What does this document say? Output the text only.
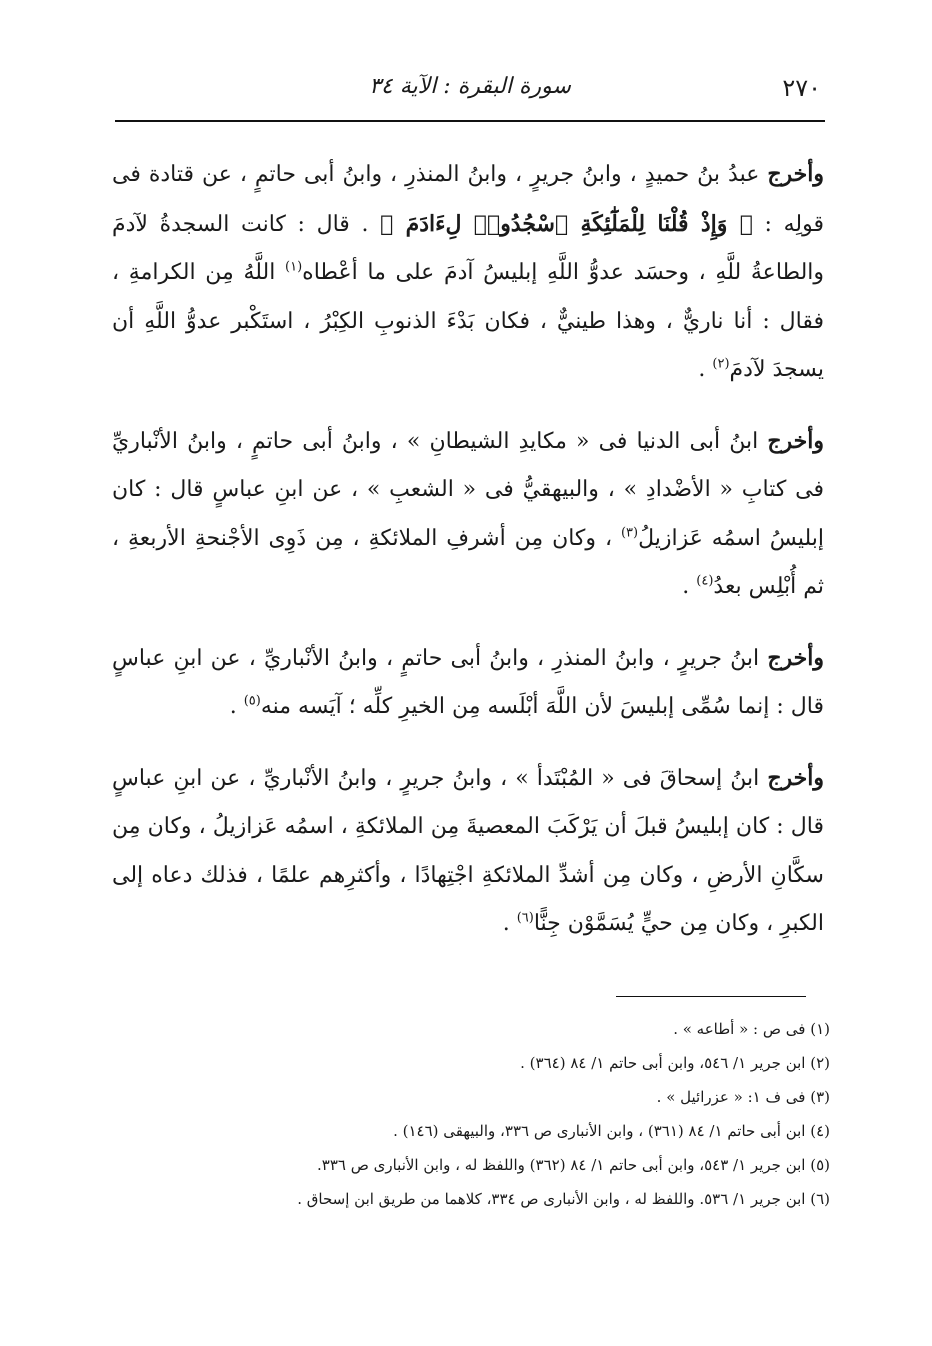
٢٧٠
سورة البقرة : الآية ٣٤

وأخرج عبدُ بنُ حميدٍ ، وابنُ جريرٍ ، وابنُ المنذرِ ، وابنُ أبى حاتمٍ ، عن قتادة فى قولِه : ﴿ وَإِذْ قُلْنَا لِلْمَلَٰٓئِكَةِ ٱسْجُدُوا۟ لِءَادَمَ ﴾ . قال : كانت السجدةُ لآدمَ والطاعةُ للَّهِ ، وحسَد عدوُّ اللَّهِ إبليسُ آدمَ على ما أعْطاه$^{(١)}$ اللَّهُ مِن الكرامةِ ، فقال : أنا ناريٌّ ، وهذا طينيٌّ ، فكان بَدْءَ الذنوبِ الكِبْرُ ، استَكْبر عدوُّ اللَّهِ أن يسجدَ لآدمَ$^{(٢)}$ .

وأخرج ابنُ أبى الدنيا فى « مكايدِ الشيطانِ » ، وابنُ أبى حاتمٍ ، وابنُ الأنْباريِّ فى كتابِ « الأضْدادِ » ، والبيهقيُّ فى « الشعبِ » ، عن ابنِ عباسٍ قال : كان إبليسُ اسمُه عَزازيلُ$^{(٣)}$ ، وكان مِن أشرفِ الملائكةِ ، مِن ذَوِى الأجْنحةِ الأربعةِ ، ثم أُبْلِس بعدُ$^{(٤)}$ .

وأخرج ابنُ جريرٍ ، وابنُ المنذرِ ، وابنُ أبى حاتمٍ ، وابنُ الأنْباريِّ ، عن ابنِ عباسٍ قال : إنما سُمِّى إبليسَ لأن اللَّهَ أبْلَسه مِن الخيرِ كلِّه ؛ آيَسه منه$^{(٥)}$ .

وأخرج ابنُ إسحاقَ فى « المُبْتَدأ » ، وابنُ جريرٍ ، وابنُ الأنْباريِّ ، عن ابنِ عباسٍ قال : كان إبليسُ قبلَ أن يَرْكَبَ المعصيةَ مِن الملائكةِ ، اسمُه عَزازيلُ ، وكان مِن سكَّانِ الأرضِ ، وكان مِن أشدِّ الملائكةِ اجْتِهادًا ، وأكثرِهم علمًا ، فذلك دعاه إلى الكبرِ ، وكان مِن حيٍّ يُسَمَّوْن جِنًّا$^{(٦)}$ .

(١) فى ص : « أطاعه » .
(٢) ابن جرير ١/ ٥٤٦، وابن أبى حاتم ١/ ٨٤ (٣٦٤) .
(٣) فى ف ١: « عزرائيل » .
(٤) ابن أبى حاتم ١/ ٨٤ (٣٦١) ، وابن الأنبارى ص ٣٣٦، والبيهقى (١٤٦) .
(٥) ابن جرير ١/ ٥٤٣، وابن أبى حاتم ١/ ٨٤ (٣٦٢) واللفظ له ، وابن الأنبارى ص ٣٣٦.
(٦) ابن جرير ١/ ٥٣٦. واللفظ له ، وابن الأنبارى ص ٣٣٤، كلاهما من طريق ابن إسحاق .
